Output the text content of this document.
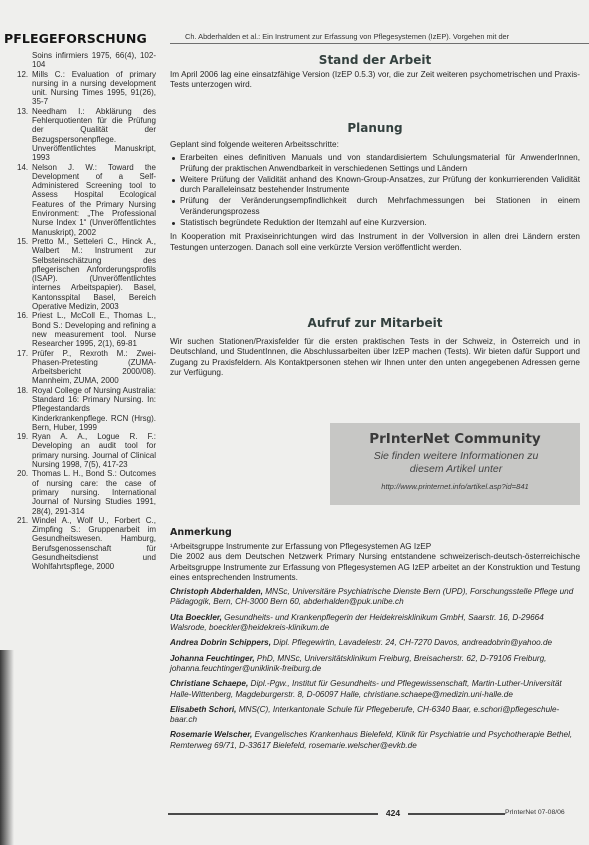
PFLEGEFORSCHUNG	Ch. Abderhalden et al.: Ein Instrument zur Erfassung von Pflegesystemen (IzEP). Vorgehen mit der
Soins infirmiers 1975, 66(4), 102-104
12. Mills C.: Evaluation of primary nursing in a nursing development unit. Nursing Times 1995, 91(26), 35-7
13. Needham I.: Abklärung des Fehlerquotienten für die Prüfung der Qualität der Bezugspersonenpflege. Unveröffentlichtes Manuskript, 1993
14. Nelson J. W.: Toward the Development of a Self-Administered Screening tool to Assess Hospital Ecological Features of the Primary Nursing Environment: „The Professional Nurse Index 1“ (Unveröffentlichtes Manuskript), 2002
15. Pretto M., Setteleri C., Hinck A., Walbert M.: Instrument zur Selbsteinschätzung des pflegerischen Anforderungsprofils (ISAP). (Unveröffentlichtes internes Arbeitspapier). Basel, Kantonsspital Basel, Bereich Operative Medizin, 2003
16. Priest L., McColl E., Thomas L., Bond S.: Developing and refining a new measurement tool. Nurse Researcher 1995, 2(1), 69-81
17. Prüfer P., Rexroth M.: Zwei-Phasen-Pretesting (ZUMA-Arbeitsbericht 2000/08). Mannheim, ZUMA, 2000
18. Royal College of Nursing Australia: Standard 16: Primary Nursing. In: Pflegestandards Kinderkrankenpflege. RCN (Hrsg). Bern, Huber, 1999
19. Ryan A. A., Logue R. F.: Developing an audit tool for primary nursing. Journal of Clinical Nursing 1998, 7(5), 417-23
20. Thomas L. H., Bond S.: Outcomes of nursing care: the case of primary nursing. International Journal of Nursing Studies 1991, 28(4), 291-314
21. Windel A., Wolf U., Forbert C., Zimpfing S.: Gruppenarbeit im Gesundheitswesen. Hamburg, Berufsgenossenschaft für Gesundheitsdienst und Wohlfahrtspflege, 2000
Stand der Arbeit
Im April 2006 lag eine einsatzfähige Version (IzEP 0.5.3) vor, die zur Zeit weiteren psychometrischen und Praxis-Tests unterzogen wird.
Planung
Geplant sind folgende weiteren Arbeitsschritte:
Erarbeiten eines definitiven Manuals und von standardisiertem Schulungsmaterial für AnwenderInnen, Prüfung der praktischen Anwendbarkeit in verschiedenen Settings und Ländern
Weitere Prüfung der Validität anhand des Known-Group-Ansatzes, zur Prüfung der konkurrierenden Validität durch Paralleleinsatz bestehender Instrumente
Prüfung der Veränderungsempfindlichkeit durch Mehrfachmessungen bei Stationen in einem Veränderungsprozess
Statistisch begründete Reduktion der Itemzahl auf eine Kurzversion.
In Kooperation mit Praxiseinrichtungen wird das Instrument in der Vollversion in allen drei Ländern ersten Testungen unterzogen. Danach soll eine verkürzte Version veröffentlicht werden.
Aufruf zur Mitarbeit
Wir suchen Stationen/Praxisfelder für die ersten praktischen Tests in der Schweiz, in Österreich und in Deutschland, und StudentInnen, die Abschlussarbeiten über IzEP machen (Tests). Wir bieten dafür Support und Zugang zu Praxisfeldern. Als Kontaktpersonen stehen wir Ihnen unter den unten angegebenen Adressen gerne zur Verfügung.
PrInterNet Community
Sie finden weitere Informationen zu diesem Artikel unter
http://www.printernet.info/artikel.asp?id=841
Anmerkung
¹Arbeitsgruppe Instrumente zur Erfassung von Pflegesystemen AG IzEP
Die 2002 aus dem Deutschen Netzwerk Primary Nursing entstandene schweizerisch-deutsch-österreichische Arbeitsgruppe Instrumente zur Erfassung von Pflegesystemen AG IzEP arbeitet an der Konstruktion und Testung eines entsprechenden Instruments.
Christoph Abderhalden, MNSc, Universitäre Psychiatrische Dienste Bern (UPD), Forschungsstelle Pflege und Pädagogik, Bern, CH-3000 Bern 60, abderhalden@puk.unibe.ch
Uta Boeckler, Gesundheits- und Krankenpflegerin der Heidekreisklinikum GmbH, Saarstr. 16, D-29664 Walsrode, boeckler@heidekreis-klinikum.de
Andrea Dobrin Schippers, Dipl. Pflegewirtin, Lavadelestr. 24, CH-7270 Davos, andreadobrin@yahoo.de
Johanna Feuchtinger, PhD, MNSc, Universitätsklinikum Freiburg, Breisacherstr. 62, D-79106 Freiburg, johanna.feuchtinger@uniklinik-freiburg.de
Christiane Schaepe, Dipl.-Pgw., Institut für Gesundheits- und Pflegewissenschaft, Martin-Luther-Universität Halle-Wittenberg, Magdeburgerstr. 8, D-06097 Halle, christiane.schaepe@medizin.uni-halle.de
Elisabeth Schori, MNS(C), Interkantonale Schule für Pflegeberufe, CH-6340 Baar, e.schori@pflegeschule-baar.ch
Rosemarie Welscher, Evangelisches Krankenhaus Bielefeld, Klinik für Psychiatrie und Psychotherapie Bethel, Remterweg 69/71, D-33617 Bielefeld, rosemarie.welscher@evkb.de
424	PrInterNet 07-08/06
